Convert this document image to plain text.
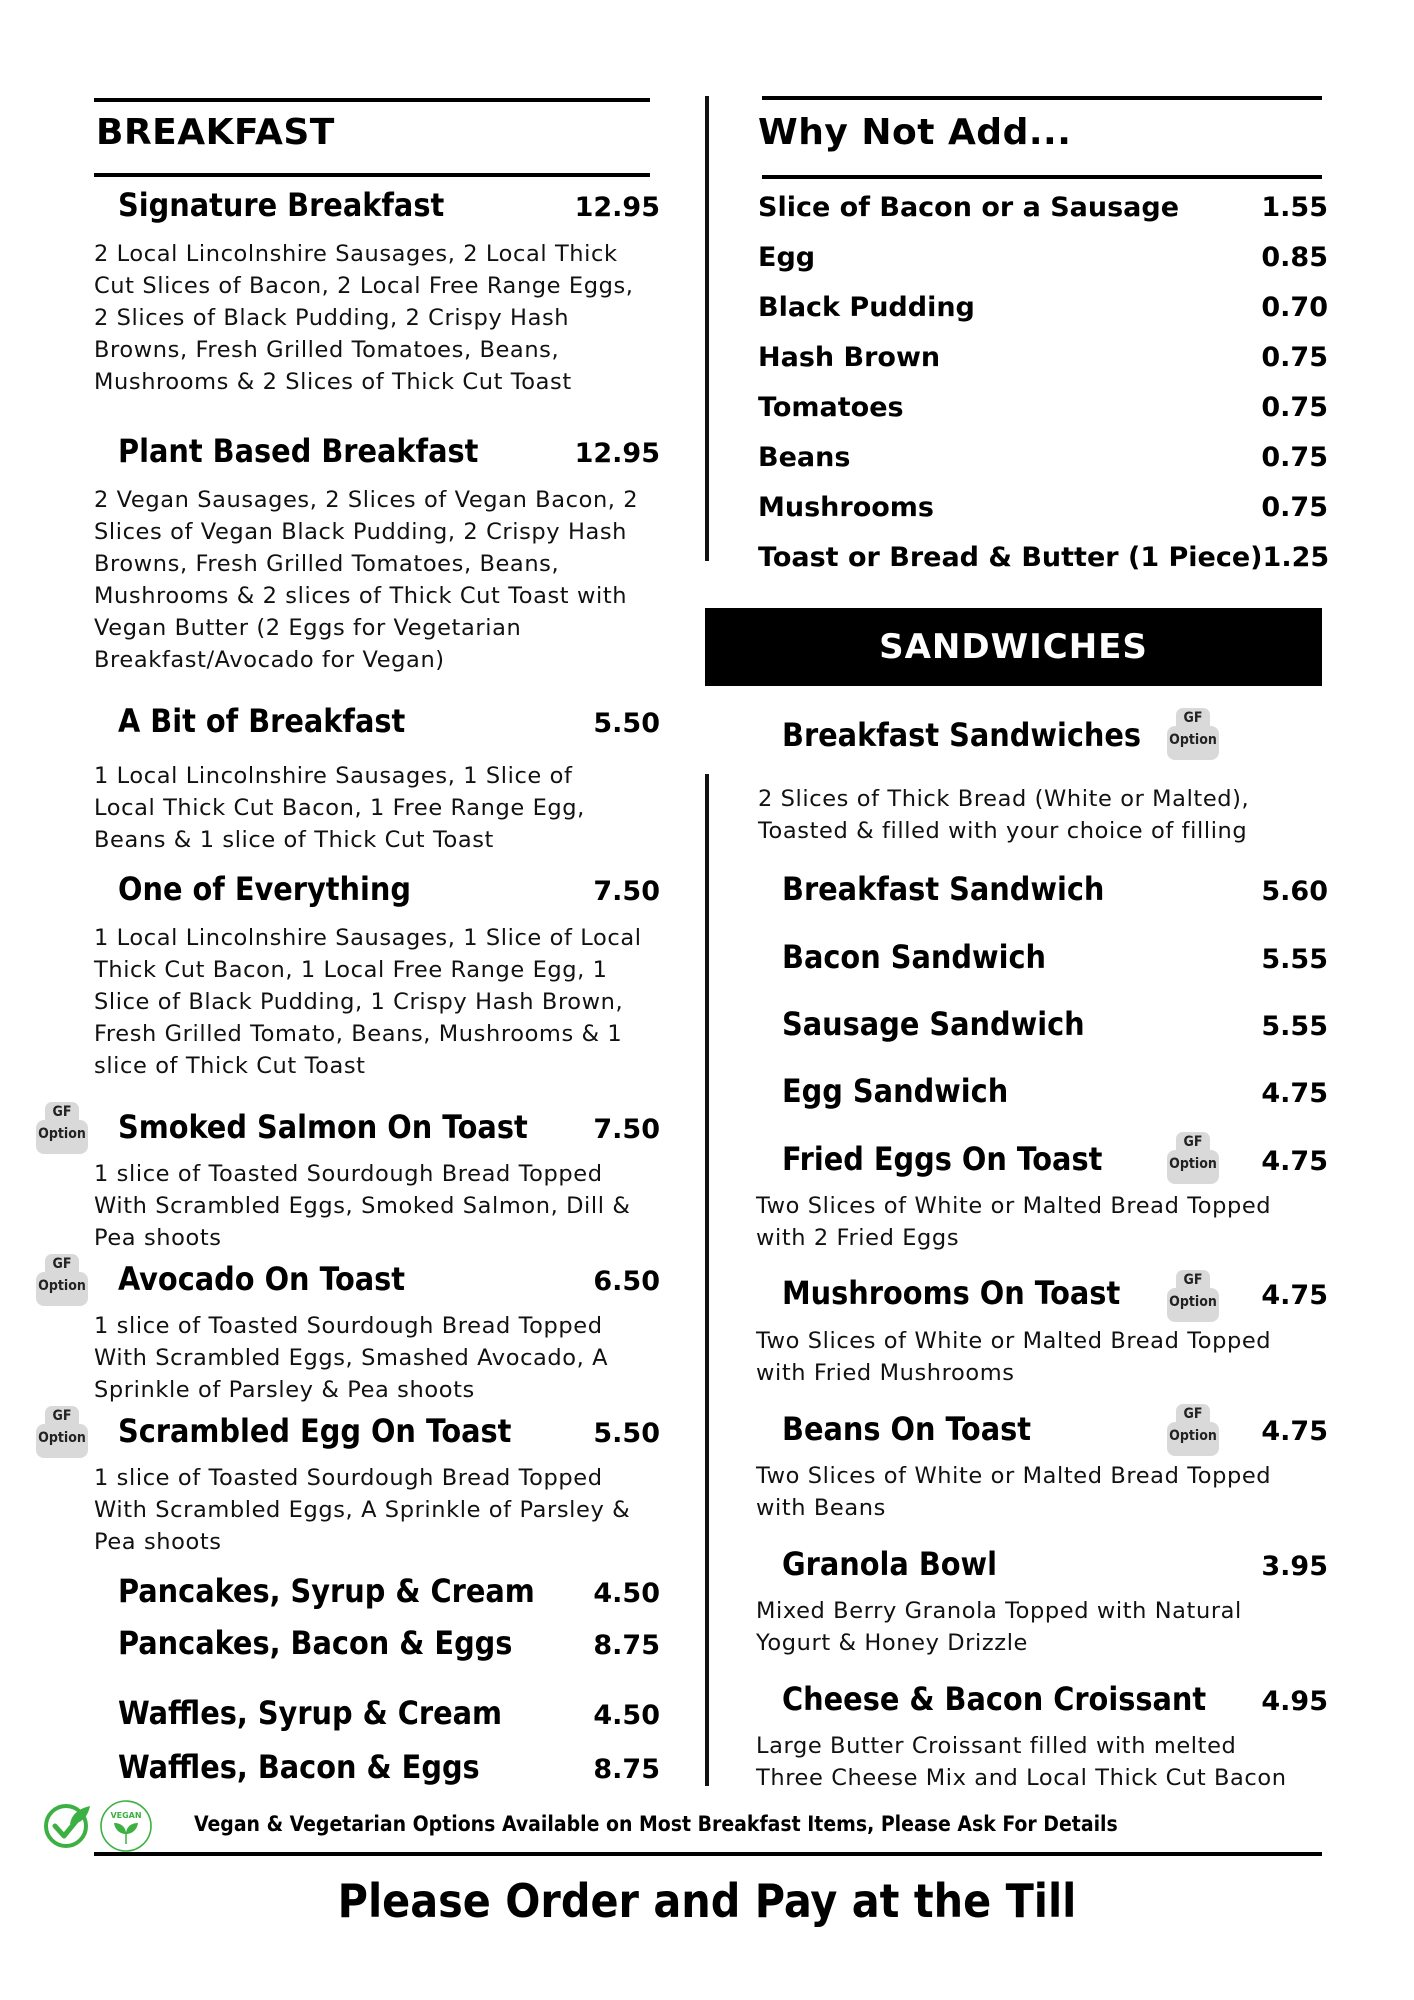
BREAKFAST
Signature Breakfast	12.95
2 Local Lincolnshire Sausages, 2 Local Thick Cut Slices of Bacon, 2 Local Free Range Eggs, 2 Slices of Black Pudding, 2 Crispy Hash Browns, Fresh Grilled Tomatoes, Beans, Mushrooms & 2 Slices of Thick Cut Toast
Plant Based Breakfast	12.95
2 Vegan Sausages, 2 Slices of Vegan Bacon, 2 Slices of Vegan Black Pudding, 2 Crispy Hash Browns, Fresh Grilled Tomatoes, Beans, Mushrooms & 2 slices of Thick Cut Toast with Vegan Butter (2 Eggs for Vegetarian Breakfast/Avocado for Vegan)
A Bit of Breakfast	5.50
1 Local Lincolnshire Sausages, 1 Slice of Local Thick Cut Bacon, 1 Free Range Egg, Beans & 1 slice of Thick Cut Toast
One of Everything	7.50
1 Local Lincolnshire Sausages, 1 Slice of Local Thick Cut Bacon, 1 Local Free Range Egg, 1 Slice of Black Pudding, 1 Crispy Hash Brown, Fresh Grilled Tomato, Beans, Mushrooms & 1 slice of Thick Cut Toast
GF
Option Smoked Salmon On Toast 7.50
1 slice of Toasted Sourdough Bread Topped With Scrambled Eggs, Smoked Salmon, Dill & Pea shoots
GF
Option Avocado On Toast	6.50
1 slice of Toasted Sourdough Bread Topped With Scrambled Eggs, Smashed Avocado, A Sprinkle of Parsley & Pea shoots
GF
Option Scrambled Egg On Toast	5.50
1 slice of Toasted Sourdough Bread Topped With Scrambled Eggs, A Sprinkle of Parsley & Pea shoots
Pancakes, Syrup & Cream 4.50
Pancakes, Bacon & Eggs	8.75
Waffles, Syrup & Cream	4.50
Waffles, Bacon & Eggs	8.75
Why Not Add...
Slice of Bacon or a Sausage	1.55
Egg	0.85
Black Pudding	0.70
Hash Brown	0.75
Tomatoes	0.75
Beans	0.75
Mushrooms	0.75
Toast or Bread & Butter (1 Piece) 1.25
SANDWICHES
Breakfast Sandwiches	GF
Option
2 Slices of Thick Bread (White or Malted),
Toasted & filled with your choice of filling
Breakfast Sandwich	5.60
Bacon Sandwich	5.55
Sausage Sandwich	5.55
Egg Sandwich	4.75
Fried Eggs On Toast	4.75
GF
Option
Two Slices of White or Malted Bread Topped
with 2 Fried Eggs
Mushrooms On Toast	4.75
GF
Option
Two Slices of White or Malted Bread Topped
with Fried Mushrooms
Beans On Toast	4.75
GF
Option
Two Slices of White or Malted Bread Topped
with Beans
Granola Bowl	3.95
Mixed Berry Granola Topped with Natural
Yogurt & Honey Drizzle
Cheese & Bacon Croissant 4.95
Large Butter Croissant filled with melted
Three Cheese Mix and Local Thick Cut Bacon
VEGAN Vegan & Vegetarian Options Available on Most Breakfast Items, Please Ask For Details
Please Order and Pay at the Till
